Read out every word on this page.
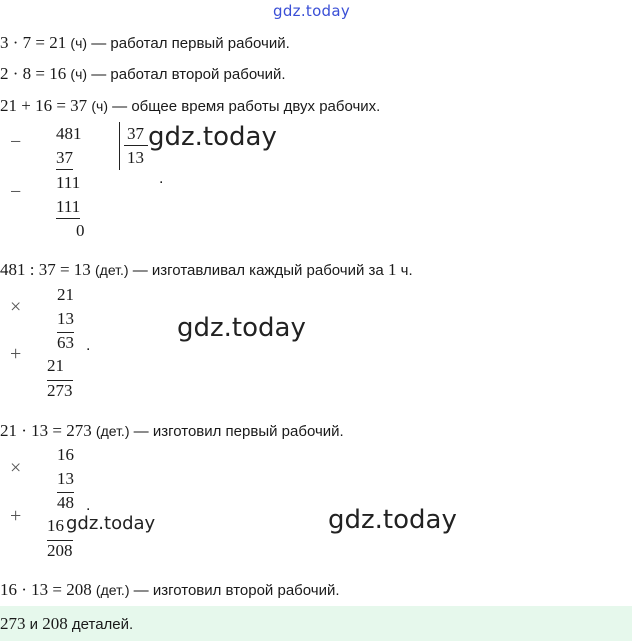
gdz.today
3 · 7 = 21 (ч) — работал первый рабочий.
2 · 8 = 16 (ч) — работал второй рабочий.
21 + 16 = 37 (ч) — общее время работы двух рабочих.
− 481
37
37
13
gdz.today
.
− 111
111
0
481 : 37 = 13 (дет.) — изготавливал каждый рабочий за 1 ч.
×
21
13
63 .
+
21
273
gdz.today
21 · 13 = 273 (дет.) — изготовил первый рабочий.
×
16
13
48 .
+ 16 gdz.today
208
gdz.today
16 · 13 = 208 (дет.) — изготовил второй рабочий.
273 и 208 деталей.
